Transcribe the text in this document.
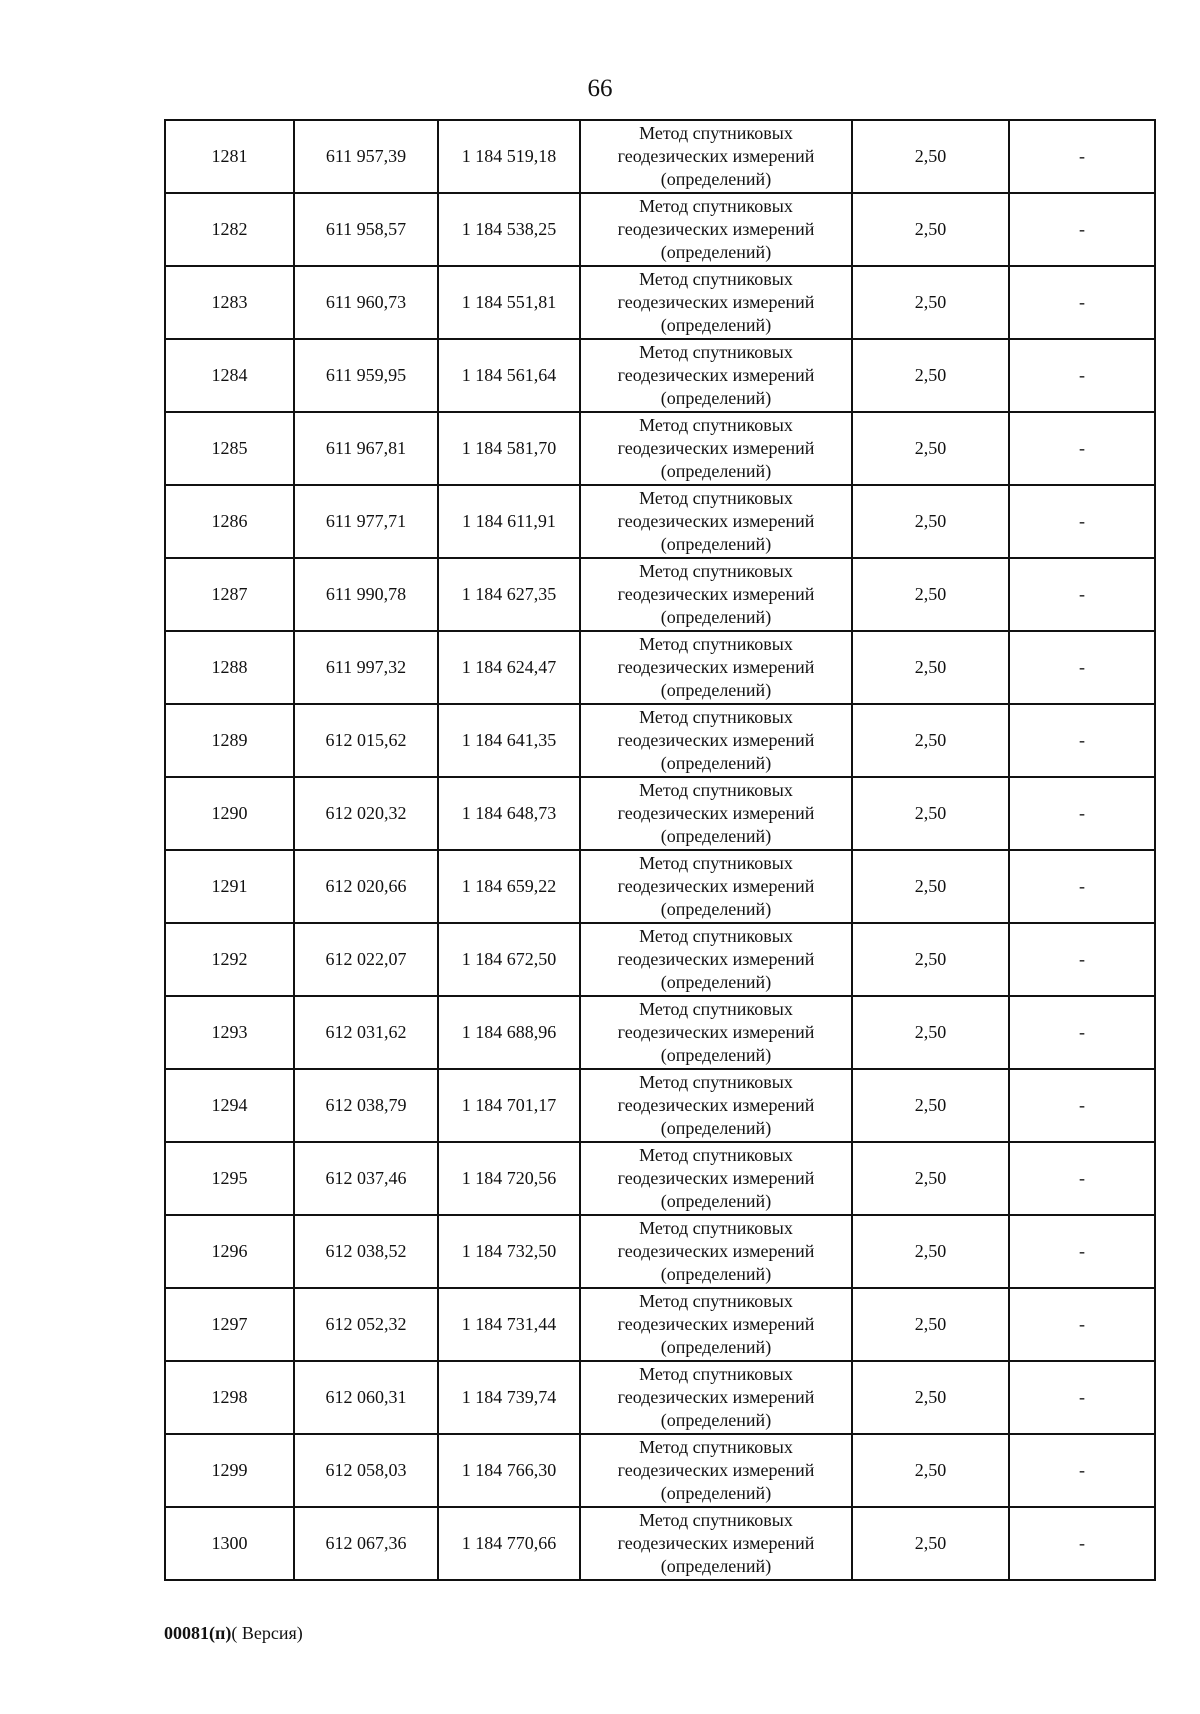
66
1281	611 957,39	1 184 519,18	Метод спутниковых
геодезических измерений
(определений)	2,50	-
1282	611 958,57	1 184 538,25	Метод спутниковых
геодезических измерений
(определений)	2,50	-
1283	611 960,73	1 184 551,81	Метод спутниковых
геодезических измерений
(определений)	2,50	-
1284	611 959,95	1 184 561,64	Метод спутниковых
геодезических измерений
(определений)	2,50	-
1285	611 967,81	1 184 581,70	Метод спутниковых
геодезических измерений
(определений)	2,50	-
1286	611 977,71	1 184 611,91	Метод спутниковых
геодезических измерений
(определений)	2,50	-
1287	611 990,78	1 184 627,35	Метод спутниковых
геодезических измерений
(определений)	2,50	-
1288	611 997,32	1 184 624,47	Метод спутниковых
геодезических измерений
(определений)	2,50	-
1289	612 015,62	1 184 641,35	Метод спутниковых
геодезических измерений
(определений)	2,50	-
1290	612 020,32	1 184 648,73	Метод спутниковых
геодезических измерений
(определений)	2,50	-
1291	612 020,66	1 184 659,22	Метод спутниковых
геодезических измерений
(определений)	2,50	-
1292	612 022,07	1 184 672,50	Метод спутниковых
геодезических измерений
(определений)	2,50	-
1293	612 031,62	1 184 688,96	Метод спутниковых
геодезических измерений
(определений)	2,50	-
1294	612 038,79	1 184 701,17	Метод спутниковых
геодезических измерений
(определений)	2,50	-
1295	612 037,46	1 184 720,56	Метод спутниковых
геодезических измерений
(определений)	2,50	-
1296	612 038,52	1 184 732,50	Метод спутниковых
геодезических измерений
(определений)	2,50	-
1297	612 052,32	1 184 731,44	Метод спутниковых
геодезических измерений
(определений)	2,50	-
1298	612 060,31	1 184 739,74	Метод спутниковых
геодезических измерений
(определений)	2,50	-
1299	612 058,03	1 184 766,30	Метод спутниковых
геодезических измерений
(определений)	2,50	-
1300	612 067,36	1 184 770,66	Метод спутниковых
геодезических измерений
(определений)	2,50	-
00081(п)( Версия)
